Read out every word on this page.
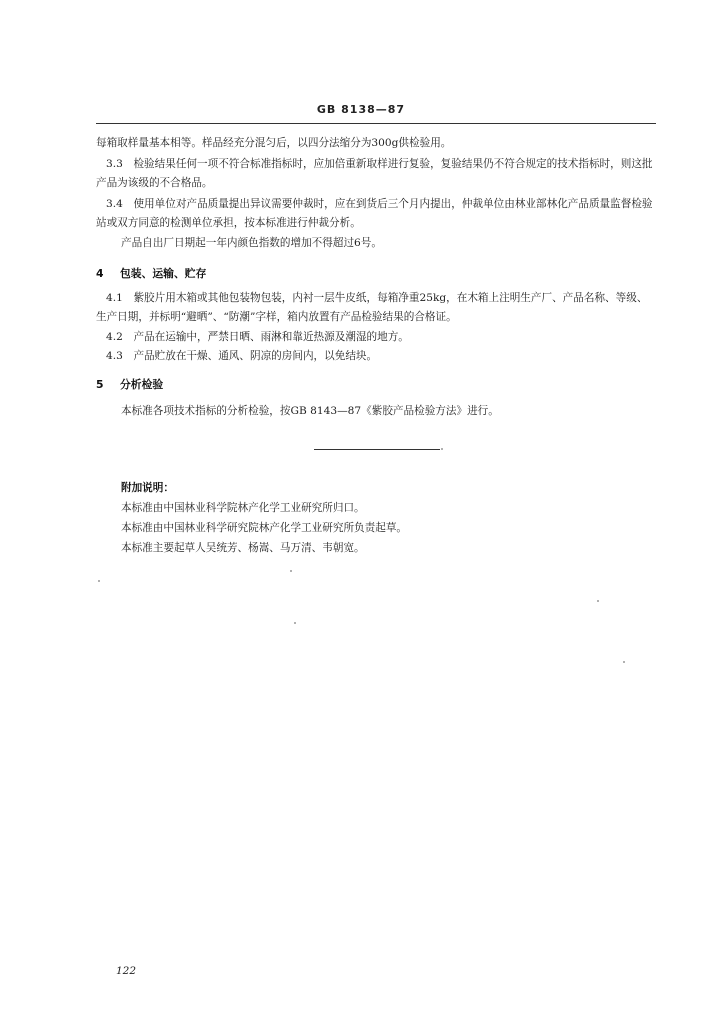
GB 8138—87

每箱取样量基本相等。样品经充分混匀后，以四分法缩分为300g供检验用。

3.3　检验结果任何一项不符合标准指标时，应加倍重新取样进行复验，复验结果仍不符合规定的技术指标时，则这批产品为该级的不合格品。

3.4　使用单位对产品质量提出异议需要仲裁时，应在到货后三个月内提出，仲裁单位由林业部林化产品质量监督检验站或双方同意的检测单位承担，按本标准进行仲裁分析。

产品自出厂日期起一年内颜色指数的增加不得超过6号。

4 包装、运输、贮存

4.1　紫胶片用木箱或其他包装物包装，内衬一层牛皮纸，每箱净重25kg，在木箱上注明生产厂、产品名称、等级、生产日期，并标明“避晒”、“防潮”字样，箱内放置有产品检验结果的合格证。

4.2　产品在运输中，严禁日晒、雨淋和靠近热源及潮湿的地方。

4.3　产品贮放在干燥、通风、阴凉的房间内，以免结块。

5 分析检验

本标准各项技术指标的分析检验，按GB 8143—87《紫胶产品检验方法》进行。

附加说明：
本标准由中国林业科学院林产化学工业研究所归口。
本标准由中国林业科学研究院林产化学工业研究所负责起草。
本标准主要起草人吴统芳、杨嵩、马万清、韦朝宽。
122
